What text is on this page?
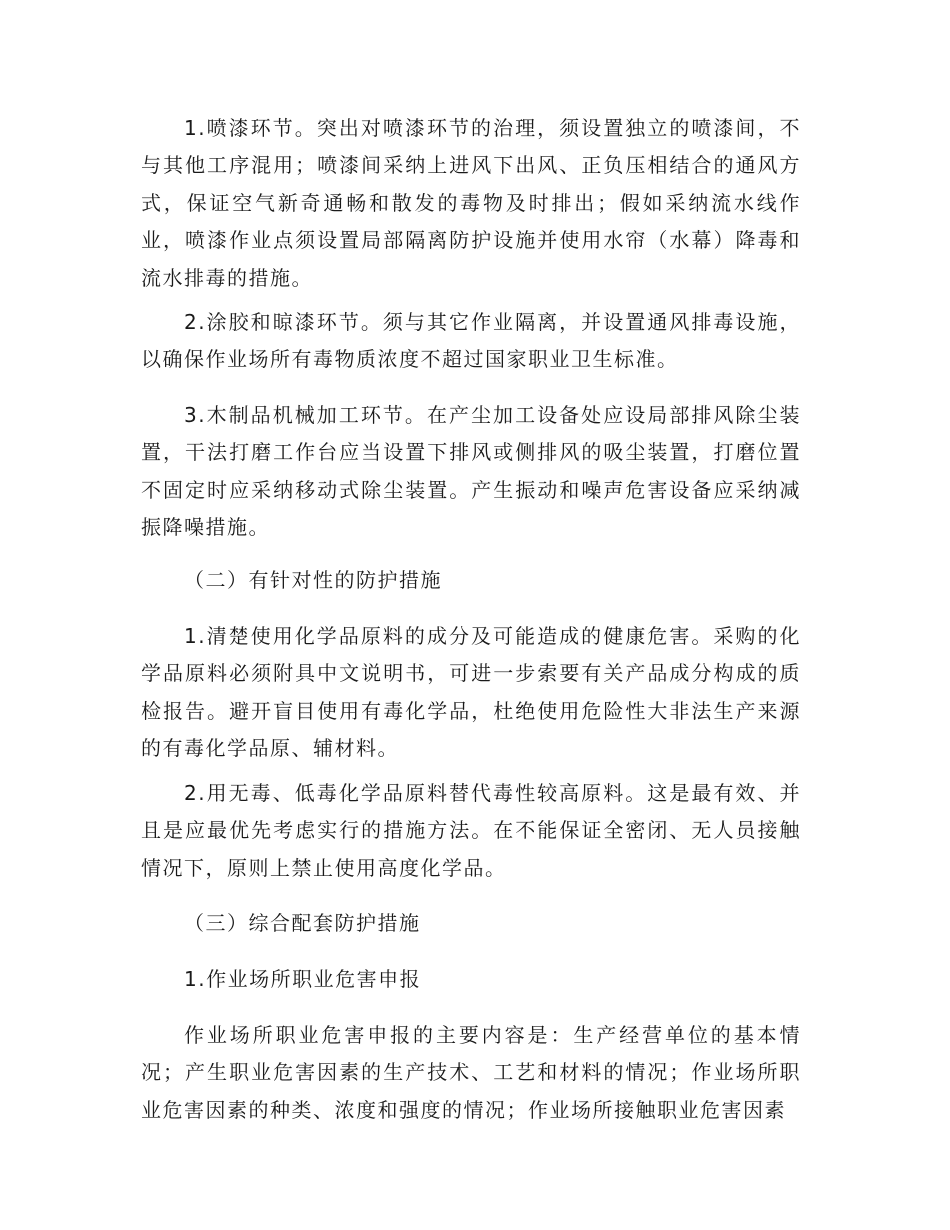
1.喷漆环节。突出对喷漆环节的治理，须设置独立的喷漆间，不与其他工序混用；喷漆间采纳上进风下出风、正负压相结合的通风方式，保证空气新奇通畅和散发的毒物及时排出；假如采纳流水线作业，喷漆作业点须设置局部隔离防护设施并使用水帘（水幕）降毒和流水排毒的措施。

2.涂胶和晾漆环节。须与其它作业隔离，并设置通风排毒设施，以确保作业场所有毒物质浓度不超过国家职业卫生标准。

3.木制品机械加工环节。在产尘加工设备处应设局部排风除尘装置，干法打磨工作台应当设置下排风或侧排风的吸尘装置，打磨位置不固定时应采纳移动式除尘装置。产生振动和噪声危害设备应采纳减振降噪措施。

（二）有针对性的防护措施

1.清楚使用化学品原料的成分及可能造成的健康危害。采购的化学品原料必须附具中文说明书，可进一步索要有关产品成分构成的质检报告。避开盲目使用有毒化学品，杜绝使用危险性大非法生产来源的有毒化学品原、辅材料。

2.用无毒、低毒化学品原料替代毒性较高原料。这是最有效、并且是应最优先考虑实行的措施方法。在不能保证全密闭、无人员接触情况下，原则上禁止使用高度化学品。

（三）综合配套防护措施

1.作业场所职业危害申报

作业场所职业危害申报的主要内容是：生产经营单位的基本情况；产生职业危害因素的生产技术、工艺和材料的情况；作业场所职业危害因素的种类、浓度和强度的情况；作业场所接触职业危害因素
